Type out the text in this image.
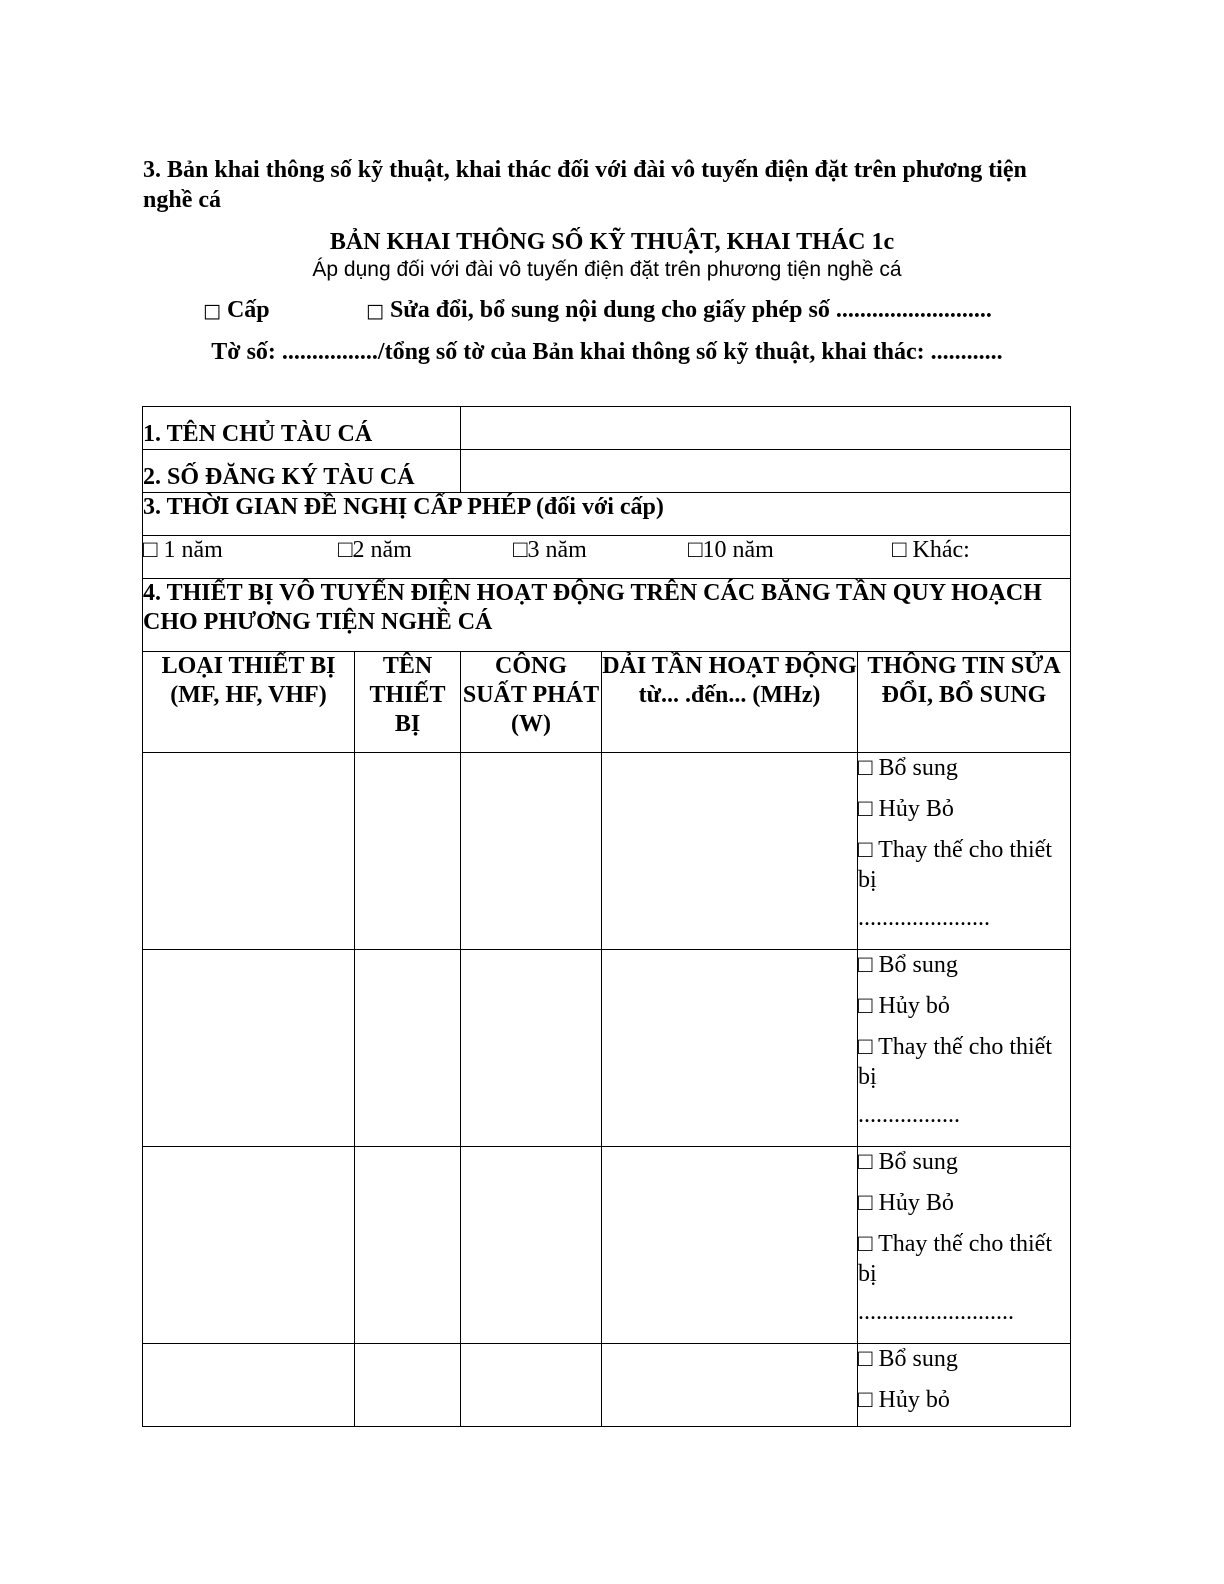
3. Bản khai thông số kỹ thuật, khai thác đối với đài vô tuyến điện đặt trên phương tiện nghề cá
BẢN KHAI THÔNG SỐ KỸ THUẬT, KHAI THÁC 1c
Áp dụng đối với đài vô tuyến điện đặt trên phương tiện nghề cá
□ Cấp	□ Sửa đổi, bổ sung nội dung cho giấy phép số ..........................
Tờ số: ................/tổng số tờ của Bản khai thông số kỹ thuật, khai thác: ............
1. TÊN CHỦ TÀU CÁ				
2. SỐ ĐĂNG KÝ TÀU CÁ				
3. THỜI GIAN ĐỀ NGHỊ CẤP PHÉP (đối với cấp)				
□ 1 năm □2 năm □3 năm □10 năm □ Khác:				
4. THIẾT BỊ VÔ TUYẾN ĐIỆN HOẠT ĐỘNG TRÊN CÁC BĂNG TẦN QUY HOẠCH CHO PHƯƠNG TIỆN NGHỀ CÁ				
LOẠI THIẾT BỊ (MF, HF, VHF)	TÊN THIẾT BỊ	CÔNG SUẤT PHÁT (W)	DẢI TẦN HOẠT ĐỘNG từ... .đến... (MHz)	THÔNG TIN SỬA ĐỔI, BỔ SUNG

				□ Bổ sung
□ Hủy Bỏ
□ Thay thế cho thiết bị
......................

				□ Bổ sung
□ Hủy bỏ
□ Thay thế cho thiết bị
.................

				□ Bổ sung
□ Hủy Bỏ
□ Thay thế cho thiết bị
..........................

				□ Bổ sung
□ Hủy bỏ
